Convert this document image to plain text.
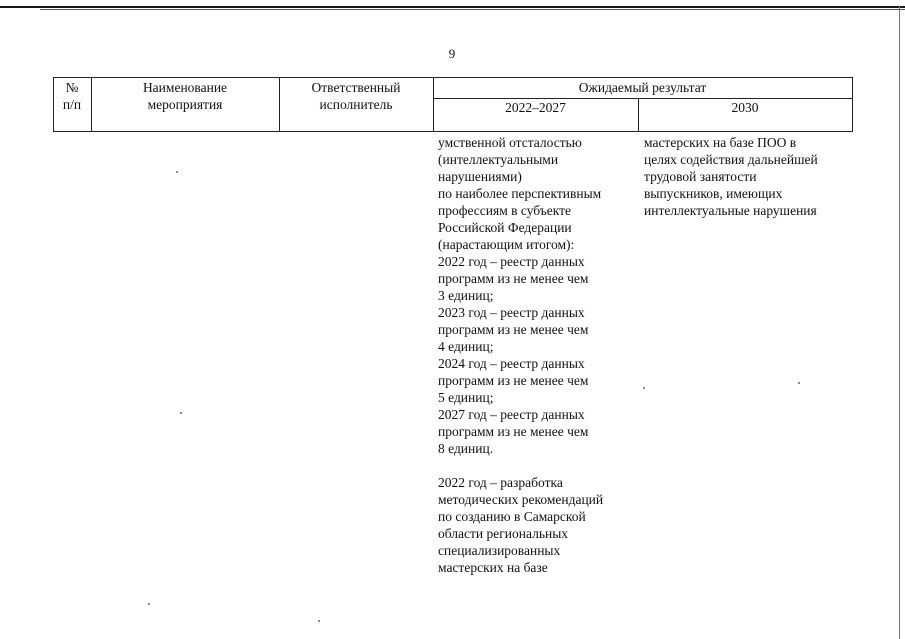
9
№
п/п
Наименование
мероприятия
Ответственный
исполнитель
Ожидаемый результат
2022–2027	2030
умственной отсталостью
(интеллектуальными
нарушениями)
по наиболее перспективным
профессиям в субъекте
Российской Федерации
(нарастающим итогом):
2022 год – реестр данных
программ из не менее чем
3 единиц;
2023 год – реестр данных
программ из не менее чем
4 единиц;
2024 год – реестр данных
программ из не менее чем
5 единиц;
2027 год – реестр данных
программ из не менее чем
8 единиц.

2022 год – разработка
методических рекомендаций
по созданию в Самарской
области региональных
специализированных
мастерских на базе
мастерских на базе ПОО в
целях содействия дальнейшей
трудовой занятости
выпускников, имеющих
интеллектуальные нарушения
